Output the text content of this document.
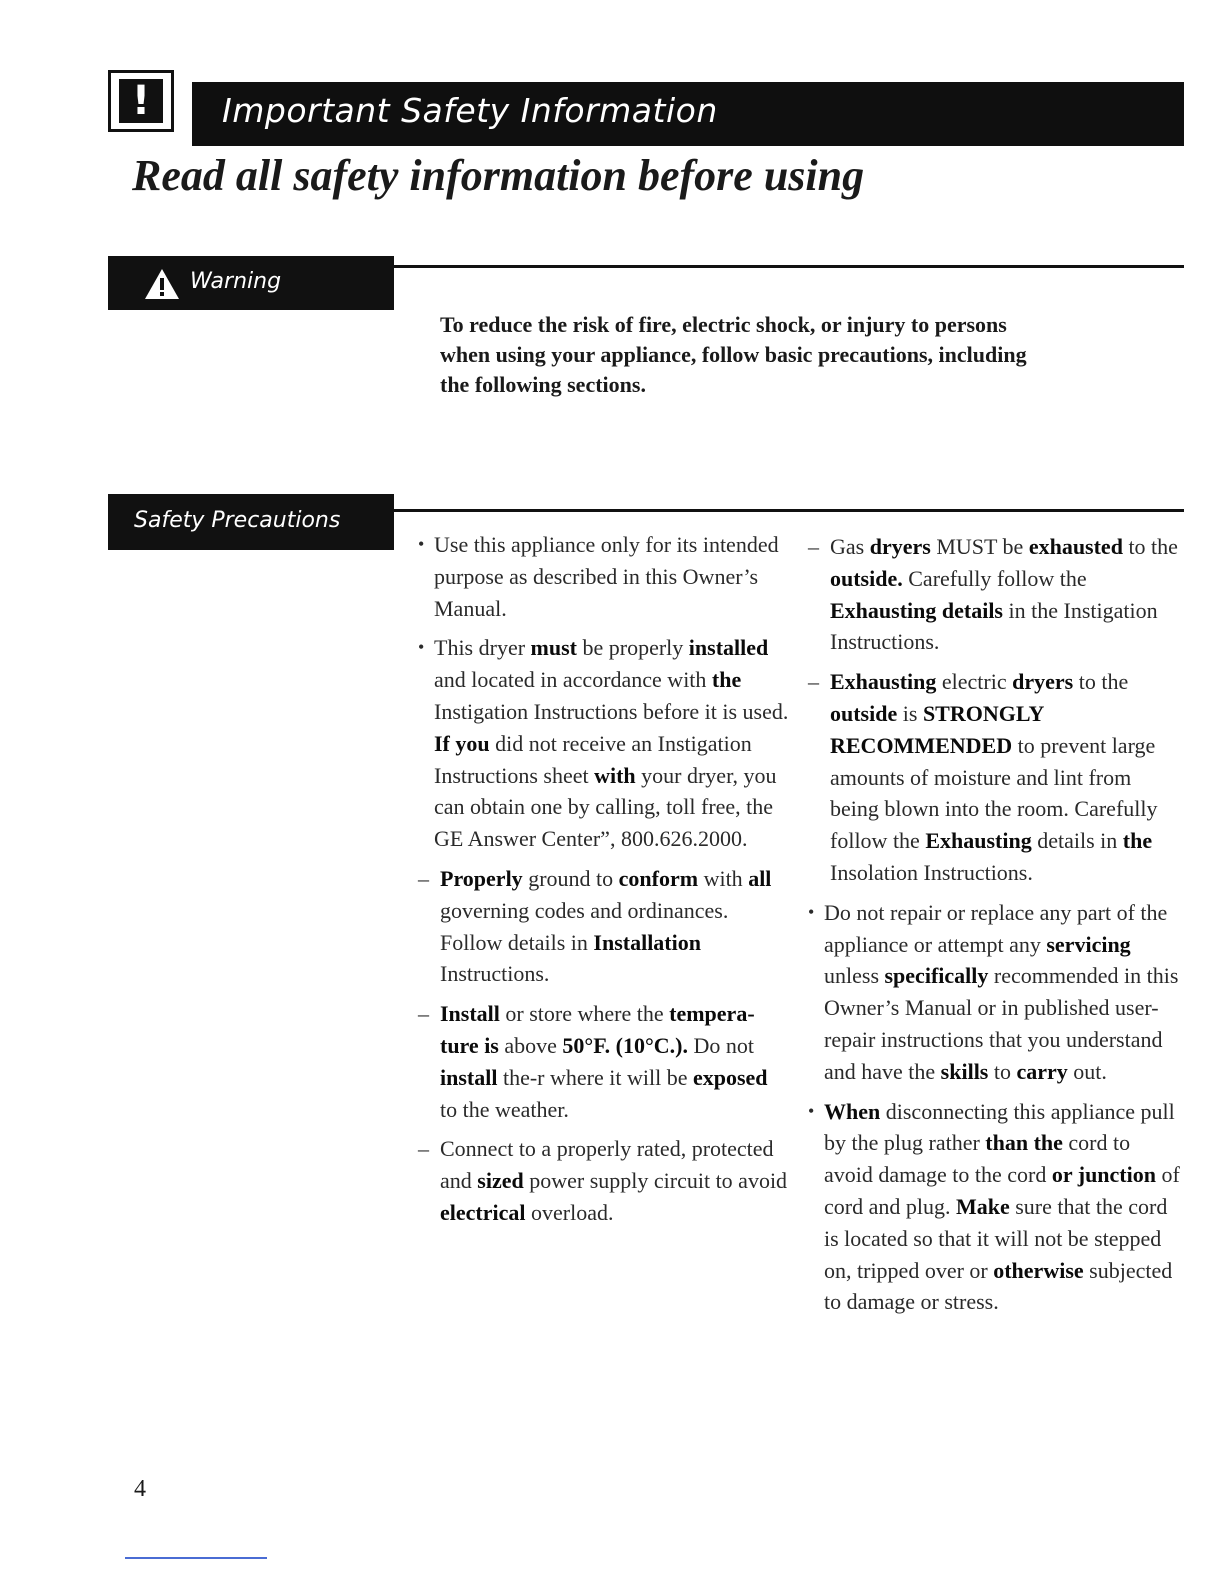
!	Important Safety Information
Read all safety information before using
Warning
To reduce the risk of fire, electric shock, or injury to persons
when using your appliance, follow basic precautions, including
the following sections.
Safety Precautions
• Use this appliance only for its intended purpose as described in this Owner’s Manual.
• This dryer must be properly installed and located in accordance with the Instigation Instructions before it is used. If you did not receive an Instigation Instructions sheet with your dryer, you can obtain one by calling, toll free, the GE Answer Center”, 800.626.2000.
– Properly ground to conform with all governing codes and ordinances. Follow details in Installation Instructions.
– Install or store where the tempera-ture is above 50°F. (10°C.). Do not install the-r where it will be exposed to the weather.
– Connect to a properly rated, protected and sized power supply circuit to avoid electrical overload.
– Gas dryers MUST be exhausted to the outside. Carefully follow the Exhausting details in the Instigation Instructions.
– Exhausting electric dryers to the outside is STRONGLY RECOMMENDED to prevent large amounts of moisture and lint from being blown into the room. Carefully follow the Exhausting details in the Insolation Instructions.
• Do not repair or replace any part of the appliance or attempt any servicing unless specifically recommended in this Owner’s Manual or in published user-repair instructions that you understand and have the skills to carry out.
• When disconnecting this appliance pull by the plug rather than the cord to avoid damage to the cord or junction of cord and plug. Make sure that the cord is located so that it will not be stepped on, tripped over or otherwise subjected to damage or stress.
4
